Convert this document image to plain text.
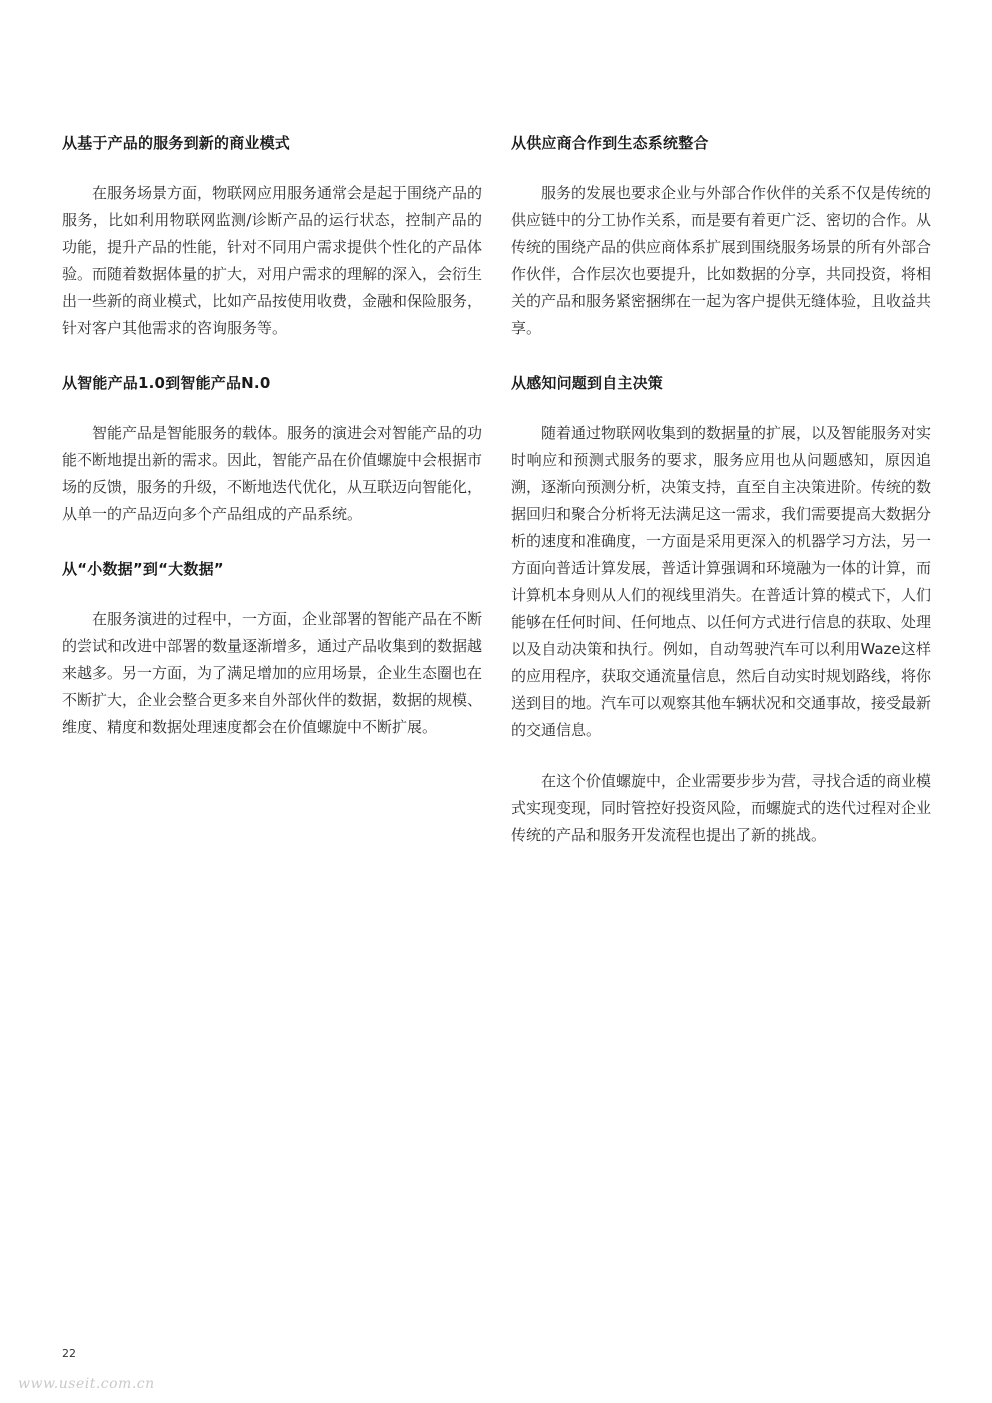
从基于产品的服务到新的商业模式

在服务场景方面，物联网应用服务通常会是起于围绕产品的服务，比如利用物联网监测/诊断产品的运行状态，控制产品的功能，提升产品的性能，针对不同用户需求提供个性化的产品体验。而随着数据体量的扩大，对用户需求的理解的深入，会衍生出一些新的商业模式，比如产品按使用收费，金融和保险服务，针对客户其他需求的咨询服务等。

从智能产品1.0到智能产品N.0

智能产品是智能服务的载体。服务的演进会对智能产品的功能不断地提出新的需求。因此，智能产品在价值螺旋中会根据市场的反馈，服务的升级，不断地迭代优化，从互联迈向智能化，从单一的产品迈向多个产品组成的产品系统。

从“小数据”到“大数据”

在服务演进的过程中，一方面，企业部署的智能产品在不断的尝试和改进中部署的数量逐渐增多，通过产品收集到的数据越来越多。另一方面，为了满足增加的应用场景，企业生态圈也在不断扩大，企业会整合更多来自外部伙伴的数据，数据的规模、维度、精度和数据处理速度都会在价值螺旋中不断扩展。

从供应商合作到生态系统整合

服务的发展也要求企业与外部合作伙伴的关系不仅是传统的供应链中的分工协作关系，而是要有着更广泛、密切的合作。从传统的围绕产品的供应商体系扩展到围绕服务场景的所有外部合作伙伴，合作层次也要提升，比如数据的分享，共同投资，将相关的产品和服务紧密捆绑在一起为客户提供无缝体验，且收益共享。

从感知问题到自主决策

随着通过物联网收集到的数据量的扩展，以及智能服务对实时响应和预测式服务的要求，服务应用也从问题感知，原因追溯，逐渐向预测分析，决策支持，直至自主决策进阶。传统的数据回归和聚合分析将无法满足这一需求，我们需要提高大数据分析的速度和准确度，一方面是采用更深入的机器学习方法，另一方面向普适计算发展，普适计算强调和环境融为一体的计算，而计算机本身则从人们的视线里消失。在普适计算的模式下，人们能够在任何时间、任何地点、以任何方式进行信息的获取、处理以及自动决策和执行。例如，自动驾驶汽车可以利用Waze这样的应用程序，获取交通流量信息，然后自动实时规划路线，将你送到目的地。汽车可以观察其他车辆状况和交通事故，接受最新的交通信息。

在这个价值螺旋中，企业需要步步为营，寻找合适的商业模式实现变现，同时管控好投资风险，而螺旋式的迭代过程对企业传统的产品和服务开发流程也提出了新的挑战。

22
www.useit.com.cn
